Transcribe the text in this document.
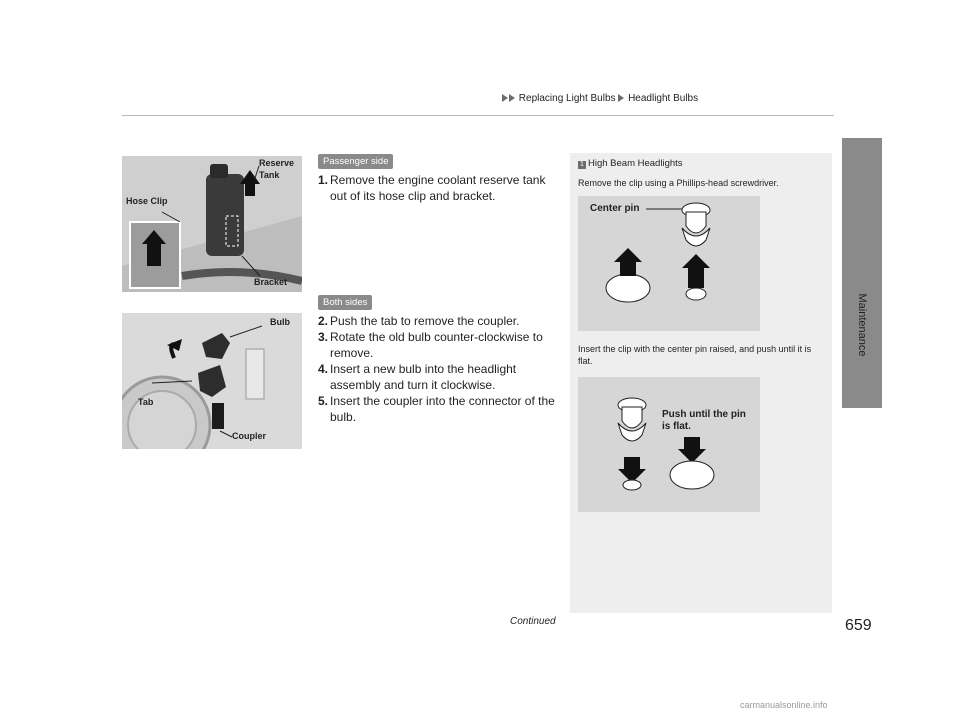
Replacing Light Bulbs Headlight Bulbs
Maintenance
Reserve
Tank
Hose Clip
Bracket
Bulb
Tab
Coupler
Passenger side
1. Remove the engine coolant reserve tank out of its hose clip and bracket.
Both sides
2. Push the tab to remove the coupler.
3. Rotate the old bulb counter-clockwise to remove.
4. Insert a new bulb into the headlight assembly and turn it clockwise.
5. Insert the coupler into the connector of the bulb.
1 High Beam Headlights
Remove the clip using a Phillips-head screwdriver.
Center pin
Insert the clip with the center pin raised, and push until it is flat.
Push until the pin
is flat.
Continued	659
carmanualsonline.info
